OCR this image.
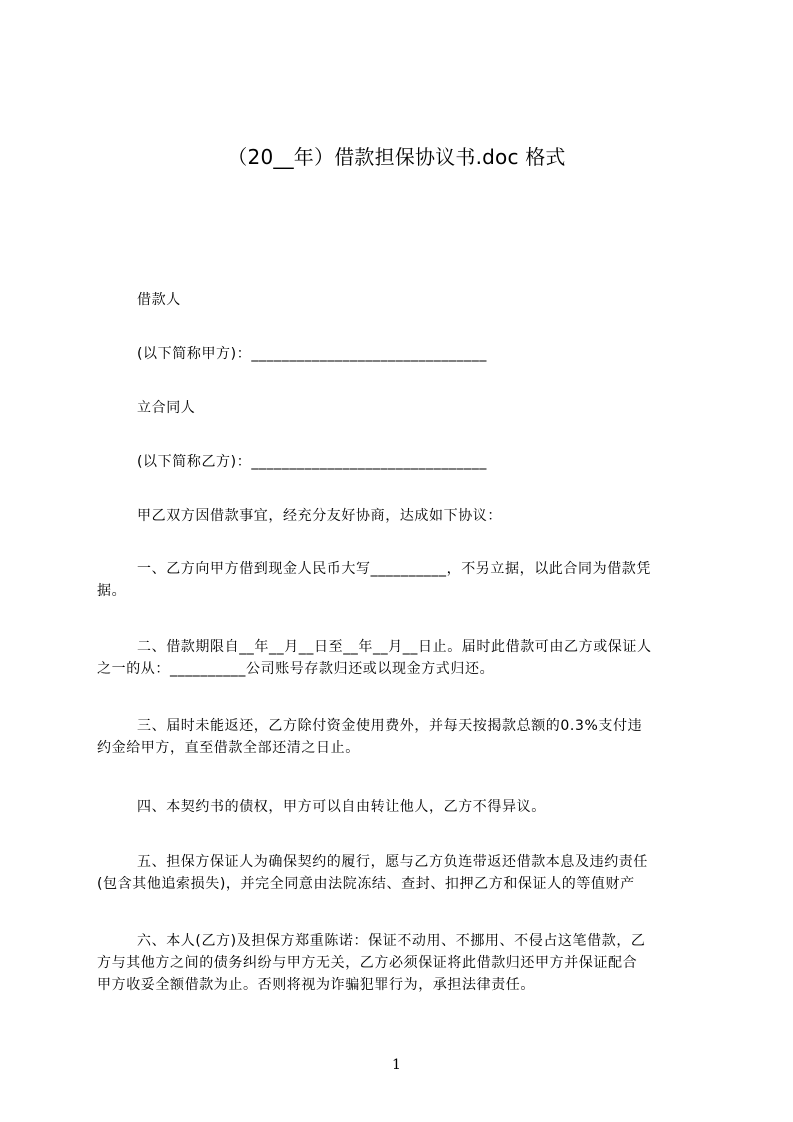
（20__年）借款担保协议书.doc 格式
借款人
(以下简称甲方)：_______________________________
立合同人
(以下简称乙方)：_______________________________
甲乙双方因借款事宜，经充分友好协商，达成如下协议：
一、乙方向甲方借到现金人民币大写__________，不另立据，以此合同为借款凭
据。
二、借款期限自__年__月__日至__年__月__日止。届时此借款可由乙方或保证人
之一的从：__________公司账号存款归还或以现金方式归还。
三、届时未能返还，乙方除付资金使用费外，并每天按揭款总额的0.3%支付违
约金给甲方，直至借款全部还清之日止。
四、本契约书的债权，甲方可以自由转让他人，乙方不得异议。
五、担保方保证人为确保契约的履行，愿与乙方负连带返还借款本息及违约责任
(包含其他追索损失)，并完全同意由法院冻结、查封、扣押乙方和保证人的等值财产
六、本人(乙方)及担保方郑重陈诺：保证不动用、不挪用、不侵占这笔借款，乙
方与其他方之间的债务纠纷与甲方无关，乙方必须保证将此借款归还甲方并保证配合
甲方收妥全额借款为止。否则将视为诈骗犯罪行为，承担法律责任。
1
